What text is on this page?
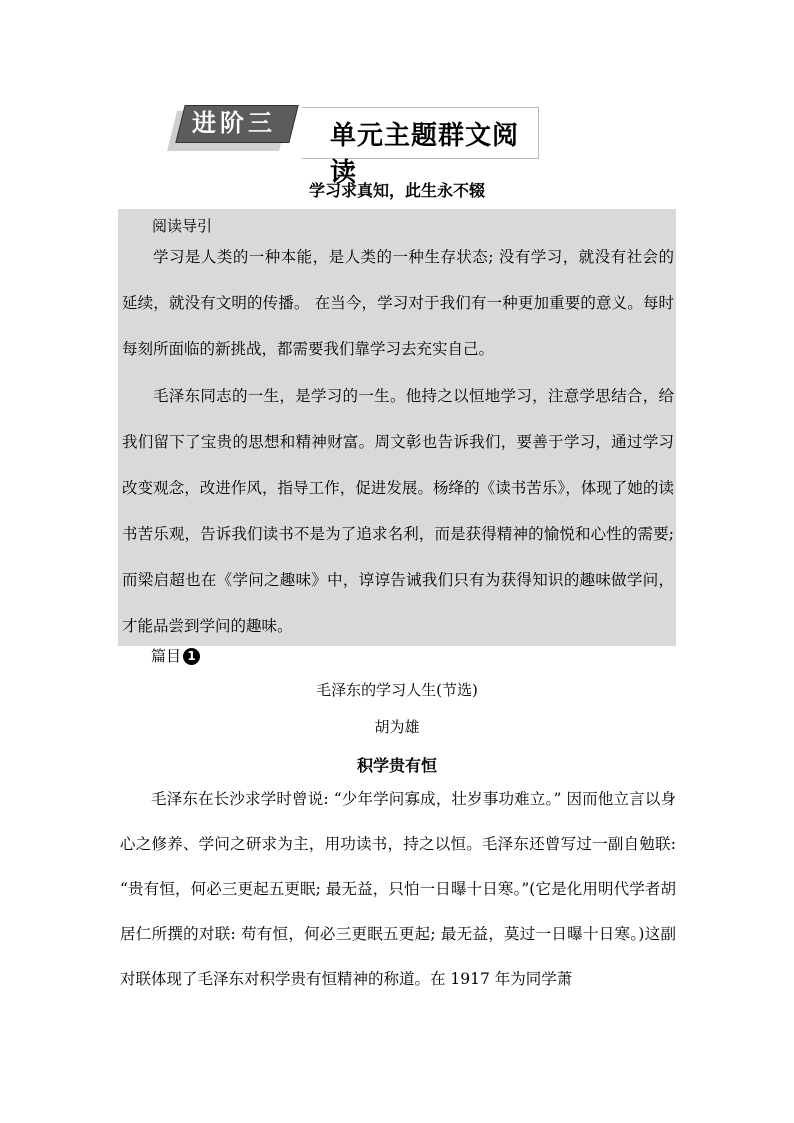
进阶三	单元主题群文阅读
学习求真知，此生永不辍
阅读导引
学习是人类的一种本能，是人类的一种生存状态; 没有学习，就没有社会的延续，就没有文明的传播。 在当今，学习对于我们有一种更加重要的意义。每时每刻所面临的新挑战，都需要我们靠学习去充实自己。
毛泽东同志的一生，是学习的一生。他持之以恒地学习，注意学思结合，给我们留下了宝贵的思想和精神财富。周文彰也告诉我们，要善于学习，通过学习改变观念，改进作风，指导工作，促进发展。杨绛的《读书苦乐》，体现了她的读书苦乐观，告诉我们读书不是为了追求名利，而是获得精神的愉悦和心性的需要; 而梁启超也在《学问之趣味》中，谆谆告诫我们只有为获得知识的趣味做学问，才能品尝到学问的趣味。
篇目 1
毛泽东的学习人生(节选)
胡为雄
积学贵有恒
毛泽东在长沙求学时曾说: “少年学问寡成，壮岁事功难立。” 因而他立言以身心之修养、学问之研求为主，用功读书，持之以恒。毛泽东还曾写过一副自勉联: “贵有恒，何必三更起五更眠; 最无益，只怕一日曝十日寒。”(它是化用明代学者胡居仁所撰的对联: 苟有恒，何必三更眠五更起; 最无益，莫过一日曝十日寒。)这副对联体现了毛泽东对积学贵有恒精神的称道。在 1917 年为同学萧
